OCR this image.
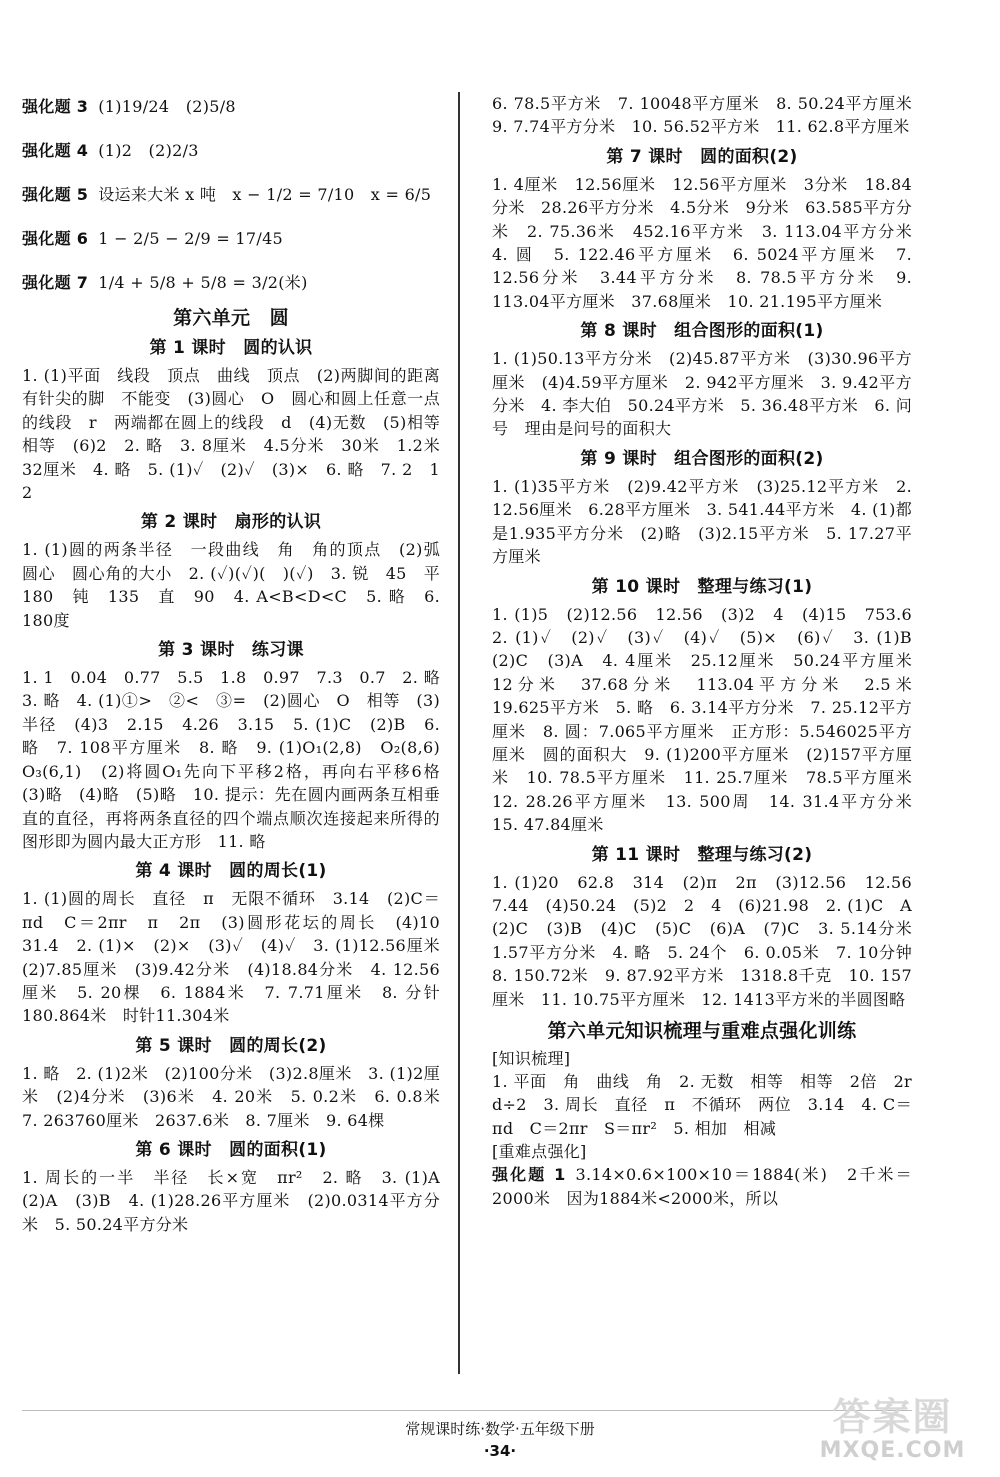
强化题 3 (1)19/24　(2)5/8

强化题 4 (1)2　(2)2/3

强化题 5 设运来大米 x 吨　x − 1/2 = 7/10　x = 6/5

强化题 6 1 − 2/5 − 2/9 = 17/45

强化题 7 1/4 + 5/8 + 5/8 = 3/2(米)

第六单元　圆
第 1 课时　圆的认识

1. (1)平面　线段　顶点　曲线　顶点　(2)两脚间的距离　有针尖的脚　不能变　(3)圆心　O　圆心和圆上任意一点的线段　r　两端都在圆上的线段　d　(4)无数　(5)相等　相等　(6)2　2. 略　3. 8厘米　4.5分米　30米　1.2米　32厘米　4. 略　5. (1)✓　(2)✓　(3)×　6. 略　7. 2　1　2

第 2 课时　扇形的认识

1. (1)圆的两条半径　一段曲线　角　角的顶点　(2)弧　圆心　圆心角的大小　2. (✓)(✓)(　)(✓)　3. 锐　45　平　180　钝　135　直　90　4. A<B<D<C　5. 略　6. 180度

第 3 课时　练习课

1. 1　0.04　0.77　5.5　1.8　0.97　7.3　0.7　2. 略　3. 略　4. (1)①>　②<　③=　(2)圆心　O　相等　(3)半径　(4)3　2.15　4.26　3.15　5. (1)C　(2)B　6. 略　7. 108平方厘米　8. 略　9. (1)O₁(2,8)　O₂(8,6)　O₃(6,1)　(2)将圆O₁先向下平移2格，再向右平移6格　(3)略　(4)略　(5)略　10. 提示：先在圆内画两条互相垂直的直径，再将两条直径的四个端点顺次连接起来所得的图形即为圆内最大正方形　11. 略

第 4 课时　圆的周长(1)

1. (1)圆的周长　直径　π　无限不循环　3.14　(2)C＝πd　C＝2πr　π　2π　(3)圆形花坛的周长　(4)10　31.4　2. (1)×　(2)×　(3)✓　(4)✓　3. (1)12.56厘米　(2)7.85厘米　(3)9.42分米　(4)18.84分米　4. 12.56厘米　5. 20棵　6. 1884米　7. 7.71厘米　8. 分针180.864米　时针11.304米

第 5 课时　圆的周长(2)

1. 略　2. (1)2米　(2)100分米　(3)2.8厘米　3. (1)2厘米　(2)4分米　(3)6米　4. 20米　5. 0.2米　6. 0.8米　7. 263760厘米　2637.6米　8. 7厘米　9. 64棵

第 6 课时　圆的面积(1)

1. 周长的一半　半径　长×宽　πr²　2. 略　3. (1)A　(2)A　(3)B　4. (1)28.26平方厘米　(2)0.0314平方分米　5. 50.24平方分米

6. 78.5平方米　7. 10048平方厘米　8. 50.24平方厘米　9. 7.74平方分米　10. 56.52平方米　11. 62.8平方厘米

第 7 课时　圆的面积(2)

1. 4厘米　12.56厘米　12.56平方厘米　3分米　18.84分米　28.26平方分米　4.5分米　9分米　63.585平方分米　2. 75.36米　452.16平方米　3. 113.04平方分米　4. 圆　5. 122.46平方厘米　6. 5024平方厘米　7. 12.56分米　3.44平方分米　8. 78.5平方分米　9. 113.04平方厘米　37.68厘米　10. 21.195平方厘米

第 8 课时　组合图形的面积(1)

1. (1)50.13平方分米　(2)45.87平方米　(3)30.96平方厘米　(4)4.59平方厘米　2. 942平方厘米　3. 9.42平方分米　4. 李大伯　50.24平方米　5. 36.48平方米　6. 问号　理由是问号的面积大

第 9 课时　组合图形的面积(2)

1. (1)35平方米　(2)9.42平方米　(3)25.12平方米　2. 12.56厘米　6.28平方厘米　3. 541.44平方米　4. (1)都是1.935平方分米　(2)略　(3)2.15平方米　5. 17.27平方厘米

第 10 课时　整理与练习(1)

1. (1)5　(2)12.56　12.56　(3)2　4　(4)15　753.6　2. (1)✓　(2)✓　(3)✓　(4)✓　(5)×　(6)✓　3. (1)B　(2)C　(3)A　4. 4厘米　25.12厘米　50.24平方厘米　12分米　37.68分米　113.04平方分米　2.5米　19.625平方米　5. 略　6. 3.14平方分米　7. 25.12平方厘米　8. 圆：7.065平方厘米　正方形：5.546025平方厘米　圆的面积大　9. (1)200平方厘米　(2)157平方厘米　10. 78.5平方厘米　11. 25.7厘米　78.5平方厘米　12. 28.26平方厘米　13. 500周　14. 31.4平方分米　15. 47.84厘米

第 11 课时　整理与练习(2)

1. (1)20　62.8　314　(2)π　2π　(3)12.56　12.56　7.44　(4)50.24　(5)2　2　4　(6)21.98　2. (1)C　A　(2)C　(3)B　(4)C　(5)C　(6)A　(7)C　3. 5.14分米　1.57平方分米　4. 略　5. 24个　6. 0.05米　7. 10分钟　8. 150.72米　9. 87.92平方米　1318.8千克　10. 157厘米　11. 10.75平方厘米　12. 1413平方米的半圆图略

第六单元知识梳理与重难点强化训练

[知识梳理]

1. 平面　角　曲线　角　2. 无数　相等　相等　2倍　2r　d÷2　3. 周长　直径　π　不循环　两位　3.14　4. C＝πd　C＝2πr　S＝πr²　5. 相加　相减

[重难点强化]

强化题 1 3.14×0.6×100×10＝1884(米)　2千米＝2000米　因为1884米<2000米，所以

常规课时练·数学·五年级下册
·34·
答案圈
MXQE.COM
